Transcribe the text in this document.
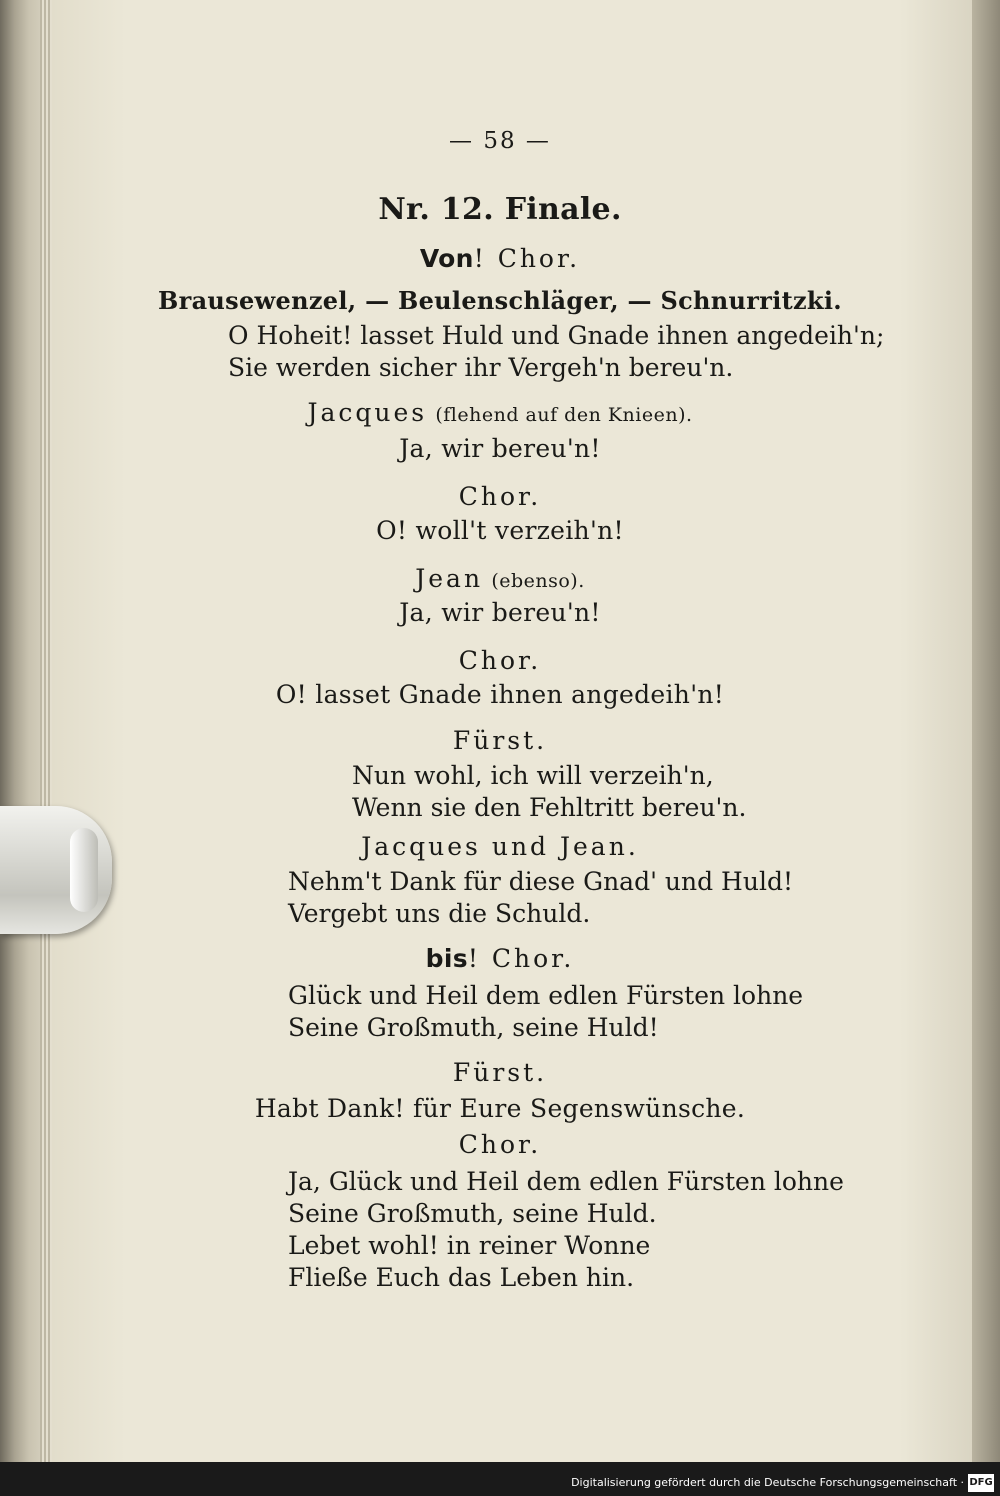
— 58 —
Nr. 12. Finale.
Von! Chor.
Brausewenzel, — Beulenschläger, — Schnurritzki.
O Hoheit! lasset Huld und Gnade ihnen angedeih'n;
Sie werden sicher ihr Vergeh'n bereu'n.
Jacques (flehend auf den Knieen).
Ja, wir bereu'n!
Chor.
O! woll't verzeih'n!
Jean (ebenso).
Ja, wir bereu'n!
Chor.
O! lasset Gnade ihnen angedeih'n!
Fürst.
Nun wohl, ich will verzeih'n,
Wenn sie den Fehltritt bereu'n.
Jacques und Jean.
Nehm't Dank für diese Gnad' und Huld!
Vergebt uns die Schuld.
bis! Chor.
Glück und Heil dem edlen Fürsten lohne
Seine Großmuth, seine Huld!
Fürst.
Habt Dank! für Eure Segenswünsche.
Chor.
Ja, Glück und Heil dem edlen Fürsten lohne
Seine Großmuth, seine Huld.
Lebet wohl! in reiner Wonne
Fließe Euch das Leben hin.
Digitalisierung gefördert durch die Deutsche Forschungsgemeinschaft · DFG
